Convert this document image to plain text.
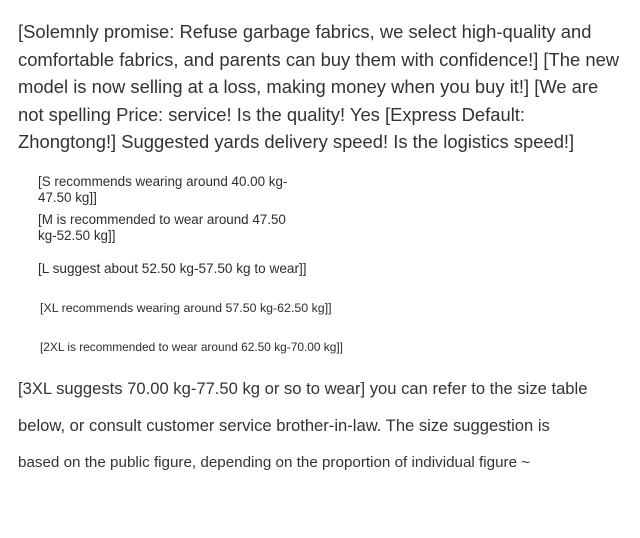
[Solemnly promise: Refuse garbage fabrics, we select high-quality and comfortable fabrics, and parents can buy them with confidence!] [The new model is now selling at a loss, making money when you buy it!] [We are not spelling Price: service! Is the quality! Yes [Express Default: Zhongtong!] Suggested yards delivery speed! Is the logistics speed!]

[S recommends wearing around 40.00 kg-47.50 kg]]

[M is recommended to wear around 47.50 kg-52.50 kg]]

[L suggest about 52.50 kg-57.50 kg to wear]]

[XL recommends wearing around 57.50 kg-62.50 kg]]

[2XL is recommended to wear around 62.50 kg-70.00 kg]]

[3XL suggests 70.00 kg-77.50 kg or so to wear] you can refer to the size table

below, or consult customer service brother-in-law. The size suggestion is

based on the public figure, depending on the proportion of individual figure ~
